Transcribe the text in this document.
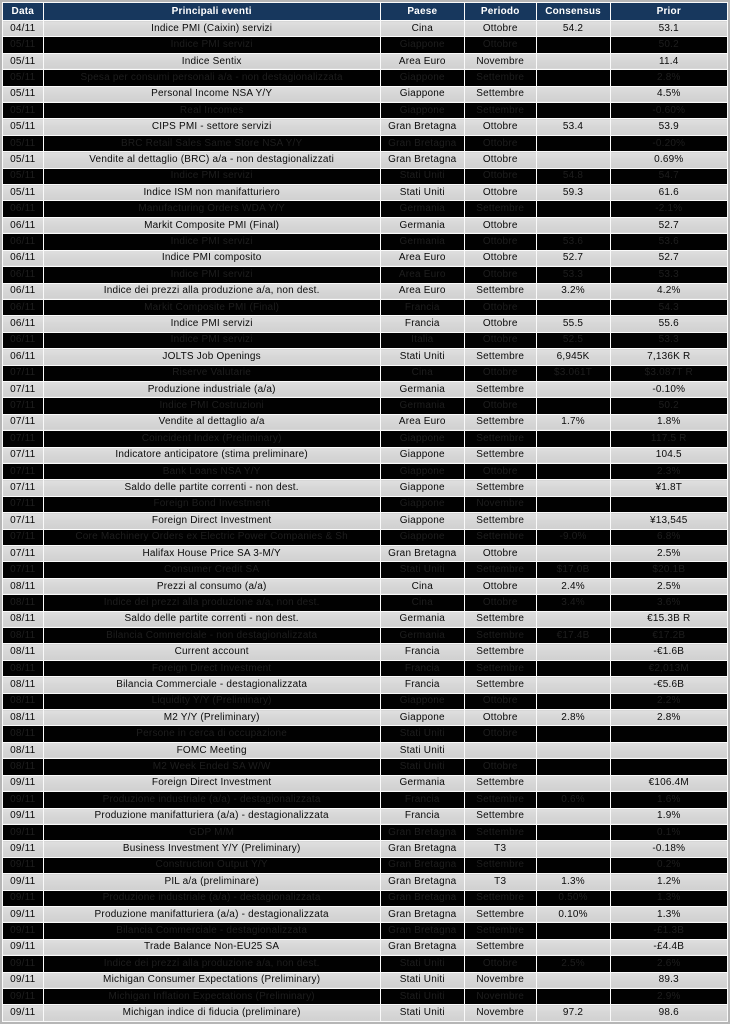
Data	Principali eventi	Paese	Periodo	Consensus	Prior
04/11	Indice PMI (Caixin) servizi	Cina	Ottobre	54.2	53.1
05/11	Indice PMI servizi	Giappone	Ottobre		50.2
05/11	Indice Sentix	Area Euro	Novembre		11.4
05/11	Spesa per consumi personali a/a - non destagionalizzata	Giappone	Settembre		2.8%
05/11	Personal Income NSA Y/Y	Giappone	Settembre		4.5%
05/11	Real Incomes	Giappone	Settembre		-0.60%
05/11	CIPS PMI - settore servizi	Gran Bretagna	Ottobre	53.4	53.9
05/11	BRC Retail Sales Same Store NSA Y/Y	Gran Bretagna	Ottobre		-0.20%
05/11	Vendite al dettaglio (BRC) a/a - non destagionalizzati	Gran Bretagna	Ottobre		0.69%
05/11	Indice PMI servizi	Stati Uniti	Ottobre	54.8	54.7
05/11	Indice ISM non manifatturiero	Stati Uniti	Ottobre	59.3	61.6
06/11	Manufacturing Orders WDA Y/Y	Germania	Settembre		-2.1%
06/11	Markit Composite PMI (Final)	Germania	Ottobre		52.7
06/11	Indice PMI servizi	Germania	Ottobre	53.6	53.6
06/11	Indice PMI composito	Area Euro	Ottobre	52.7	52.7
06/11	Indice PMI servizi	Area Euro	Ottobre	53.3	53.3
06/11	Indice dei prezzi alla produzione a/a, non dest.	Area Euro	Settembre	3.2%	4.2%
06/11	Markit Composite PMI (Final)	Francia	Ottobre		54.3
06/11	Indice PMI servizi	Francia	Ottobre	55.5	55.6
06/11	Indice PMI servizi	Italia	Ottobre	52.5	53.3
06/11	JOLTS Job Openings	Stati Uniti	Settembre	6,945K	7,136K R
07/11	Riserve Valutarie	Cina	Ottobre	$3.061T	$3.087T R
07/11	Produzione industriale (a/a)	Germania	Settembre		-0.10%
07/11	Indice PMI Costruzioni	Germania	Ottobre		50.2
07/11	Vendite al dettaglio a/a	Area Euro	Settembre	1.7%	1.8%
07/11	Coincident Index (Preliminary)	Giappone	Settembre		117.5 R
07/11	Indicatore anticipatore (stima preliminare)	Giappone	Settembre		104.5
07/11	Bank Loans NSA Y/Y	Giappone	Ottobre		2.3%
07/11	Saldo delle partite correnti - non dest.	Giappone	Settembre		¥1.8T
07/11	Foreign Bond Investment	Giappone	Novembre		
07/11	Foreign Direct Investment	Giappone	Settembre		¥13,545
07/11	Core Machinery Orders ex Electric Power Companies & Sh	Giappone	Settembre	-9.0%	6.8%
07/11	Halifax House Price SA 3-M/Y	Gran Bretagna	Ottobre		2.5%
07/11	Consumer Credit SA	Stati Uniti	Settembre	$17.0B	$20.1B
08/11	Prezzi al consumo (a/a)	Cina	Ottobre	2.4%	2.5%
08/11	Indice dei prezzi alla produzione a/a, non dest.	Cina	Ottobre	3.4%	3.6%
08/11	Saldo delle partite correnti - non dest.	Germania	Settembre		€15.3B R
08/11	Bilancia Commerciale - non destagionalizzata	Germania	Settembre	€17.4B	€17.2B
08/11	Current account	Francia	Settembre		-€1.6B
08/11	Foreign Direct Investment	Francia	Settembre		€2,013M
08/11	Bilancia Commerciale - destagionalizzata	Francia	Settembre		-€5.6B
08/11	Liquidity Y/Y (Preliminary)	Giappone	Ottobre		2.2%
08/11	M2 Y/Y (Preliminary)	Giappone	Ottobre	2.8%	2.8%
08/11	Persone in cerca di occupazione	Stati Uniti	Ottobre		
08/11	FOMC Meeting	Stati Uniti			
08/11	M2 Week Ended SA W/W	Stati Uniti	Ottobre		
09/11	Foreign Direct Investment	Germania	Settembre		€106.4M
09/11	Produzione industriale (a/a) - destagionalizzata	Francia	Settembre	0.6%	1.6%
09/11	Produzione manifatturiera (a/a) - destagionalizzata	Francia	Settembre		1.9%
09/11	GDP M/M	Gran Bretagna	Settembre		0.1%
09/11	Business Investment Y/Y (Preliminary)	Gran Bretagna	T3		-0.18%
09/11	Construction Output Y/Y	Gran Bretagna	Settembre		0.2%
09/11	PIL a/a (preliminare)	Gran Bretagna	T3	1.3%	1.2%
09/11	Produzione industriale (a/a) - destagionalizzata	Gran Bretagna	Settembre	0.50%	1.3%
09/11	Produzione manifatturiera (a/a) - destagionalizzata	Gran Bretagna	Settembre	0.10%	1.3%
09/11	Bilancia Commerciale - destagionalizzata	Gran Bretagna	Settembre		-£1.3B
09/11	Trade Balance Non-EU25 SA	Gran Bretagna	Settembre		-£4.4B
09/11	Indice dei prezzi alla produzione a/a, non dest.	Stati Uniti	Ottobre	2.5%	2.6%
09/11	Michigan Consumer Expectations (Preliminary)	Stati Uniti	Novembre		89.3
09/11	Michigan Inflation Expectations (Preliminary)	Stati Uniti	Novembre		2.9%
09/11	Michigan indice di fiducia (preliminare)	Stati Uniti	Novembre	97.2	98.6
